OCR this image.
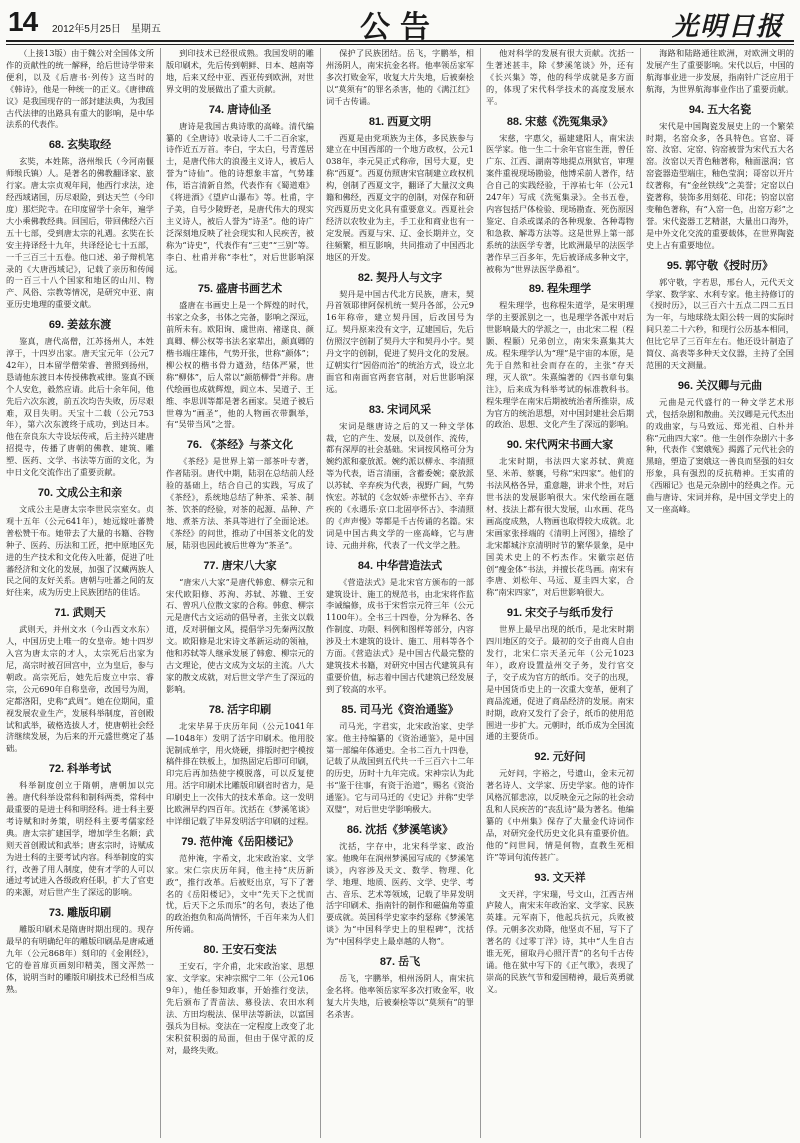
14 2012年5月25日　星期五	公告	光明日报

（上接13版）由于魏公对全国体文所作的贡献性的统一解释，给后世诗学带来便利，以及《后唐书·列传》这当时的《韩诗》，他是一种统一的正义。《唐律疏议》是我国现存的一部封建法典，为我国古代法律的出路具有重大的影响，是中华法系的代表作。

68. 玄奘取经

玄奘，本姓陈，洛州缑氏（今河南偃师缑氏镇）人。是著名的佛教翻译家、旅行家。唐太宗贞观年间，他西行求法，途经西域诸国，历尽艰险，到达天竺（今印度）那烂陀寺。在印度留学十余年，遍学大小乘佛教经典。回国后，带回佛经六百五十七部，受到唐太宗的礼遇。玄奘在长安主持译经十九年，共译经论七十五部，一千三百三十五卷。他口述、弟子辩机笔录的《大唐西域记》，记载了亲历和传闻的一百三十八个国家和地区的山川、物产、风俗、宗教等情况，是研究中亚、南亚历史地理的重要文献。

69. 姜兹东渡

鉴真，唐代高僧，江苏扬州人，本姓淳于，十四岁出家。唐天宝元年（公元742年），日本留学僧荣睿、普照到扬州，恳请他东渡日本传授佛教戒律。鉴真不顾个人安危，毅然应请。此后十余年间，他先后六次东渡，前五次均告失败，历尽艰难，双目失明。天宝十二载（公元753年），第六次东渡终于成功，到达日本。他在奈良东大寺设坛传戒，后主持兴建唐招提寺，传播了唐朝的佛教、建筑、雕塑、医药、文学、书法等方面的文化，为中日文化交流作出了重要贡献。

70. 文成公主和亲

文成公主是唐太宗李世民宗室女。贞观十五年（公元641年），她远嫁吐蕃赞普松赞干布。她带去了大量的书籍、谷物种子、医药、历法和工匠，把中原地区先进的生产技术和文化传入吐蕃，促进了吐蕃经济和文化的发展，加强了汉藏两族人民之间的友好关系。唐朝与吐蕃之间的友好往来，成为历史上民族团结的佳话。

71. 武则天

武则天，并州文水（今山西文水东）人，中国历史上唯一的女皇帝。她十四岁入宫为唐太宗的才人，太宗死后出家为尼，高宗时被召回宫中，立为皇后，参与朝政。高宗死后，她先后废立中宗、睿宗，公元690年自称皇帝，改国号为周，定都洛阳，史称“武周”。她在位期间，重视发展农业生产，发展科举制度，首创殿试和武举，破格选拔人才，使唐朝社会经济继续发展，为后来的开元盛世奠定了基础。

72. 科举考试

科举制度创立于隋朝，唐朝加以完善。唐代科举设常科和制科两类，常科中最重要的是进士科和明经科。进士科主要考诗赋和时务策，明经科主要考儒家经典。唐太宗扩建国学，增加学生名额；武则天首创殿试和武举；唐玄宗时，诗赋成为进士科的主要考试内容。科举制度的实行，改善了用人制度，使有才学的人可以通过考试进入各级政府任职，扩大了官吏的来源，对后世产生了深远的影响。

73. 雕版印刷

雕版印刷术是隋唐时期出现的。现存最早的有明确纪年的雕版印刷品是唐咸通九年（公元868年）刻印的《金刚经》，它的卷首扉页画刻印精美，图文浑然一体，说明当时的雕版印刷技术已经相当成熟。

到印技术已经很成熟。我国发明的雕版印刷术，先后传到朝鲜、日本、越南等地，后来又经中亚、西亚传到欧洲，对世界文明的发展做出了重大贡献。

74. 唐诗仙圣

唐诗是我国古典诗歌的高峰。清代编纂的《全唐诗》收录诗人二千二百余家，诗作近五万首。李白，字太白，号青莲居士，是唐代伟大的浪漫主义诗人，被后人誉为“诗仙”。他的诗想象丰富，气势雄伟，语言清新自然，代表作有《蜀道难》《将进酒》《望庐山瀑布》等。杜甫，字子美，自号少陵野老，是唐代伟大的现实主义诗人，被后人誉为“诗圣”。他的诗广泛深刻地反映了社会现实和人民疾苦，被称为“诗史”，代表作有“三吏”“三别”等。李白、杜甫并称“李杜”，对后世影响深远。

75. 盛唐书画艺术

盛唐在书画史上是一个辉煌的时代，书家之众多，书体之完备，影响之深远，前所未有。欧阳询、虞世南、褚遂良、颜真卿、柳公权等书法名家辈出，颜真卿的楷书端庄雄伟，气势开张，世称“颜体”；柳公权的楷书骨力遒劲，结体严紧，世称“柳体”，后人常以“颜筋柳骨”并称。唐代绘画也成就辉煌，阎立本、吴道子、王维、李思训等都是著名画家。吴道子被后世尊为“画圣”，他的人物画衣带飘举，有“吴带当风”之誉。

76. 《茶经》与茶文化

《茶经》是世界上第一部茶叶专著，作者陆羽。唐代中期，陆羽在总结前人经验的基础上，结合自己的实践，写成了《茶经》，系统地总结了种茶、采茶、制茶、饮茶的经验，对茶的起源、品种、产地、煮茶方法、茶具等进行了全面论述。《茶经》的问世，推动了中国茶文化的发展，陆羽也因此被后世尊为“茶圣”。

77. 唐宋八大家

“唐宋八大家”是唐代韩愈、柳宗元和宋代欧阳修、苏洵、苏轼、苏辙、王安石、曾巩八位散文家的合称。韩愈、柳宗元是唐代古文运动的倡导者，主张文以载道，反对骈俪文风，提倡学习先秦两汉散文。欧阳修是北宋诗文革新运动的领袖，他和苏轼等人继承发展了韩愈、柳宗元的古文理论，使古文成为文坛的主流。八大家的散文成就，对后世文学产生了深远的影响。

78. 活字印刷

北宋毕昇于庆历年间（公元1041年—1048年）发明了活字印刷术。他用胶泥制成单字，用火烧硬，排版时把字模按稿件排在铁板上，加热固定后即可印刷，印完后再加热使字模脱落，可以反复使用。活字印刷术比雕版印刷省时省力，是印刷史上一次伟大的技术革命。这一发明比欧洲早约四百年。沈括在《梦溪笔谈》中详细记载了毕昇发明活字印刷的过程。

79. 范仲淹《岳阳楼记》

范仲淹，字希文，北宋政治家、文学家。宋仁宗庆历年间，他主持“庆历新政”，推行改革。后被贬出京，写下了著名的《岳阳楼记》，文中“先天下之忧而忧，后天下之乐而乐”的名句，表达了他的政治抱负和高尚情怀，千百年来为人们所传诵。

80. 王安石变法

王安石，字介甫，北宋政治家、思想家、文学家。宋神宗熙宁二年（公元1069年），他任参知政事，开始推行变法，先后颁布了青苗法、募役法、农田水利法、方田均税法、保甲法等新法，以富国强兵为目标。变法在一定程度上改变了北宋积贫积弱的局面，但由于保守派的反对，最终失败。

保护了民族团结。岳飞，字鹏举，相州汤阴人，南宋抗金名将。他率领岳家军多次打败金军，收复大片失地，后被秦桧以“莫须有”的罪名杀害，他的《满江红》词千古传诵。

81. 西夏文明

西夏是由党项族为主体，多民族参与建立在中国西部的一个地方政权，公元1038年，李元昊正式称帝，国号大夏，史称“西夏”。西夏仿照唐宋官制建立政权机构，创制了西夏文字，翻译了大量汉文典籍和佛经，西夏文字的创制，对保存和研究西夏历史文化具有重要意义。西夏社会经济以农牧业为主，手工业和商业也有一定发展。西夏与宋、辽、金长期并立，交往频繁，相互影响，共同推动了中国西北地区的开发。

82. 契丹人与文字

契丹是中国古代北方民族，唐末，契丹首领耶律阿保机统一契丹各部，公元916年称帝，建立契丹国，后改国号为辽。契丹原来没有文字，辽建国后，先后仿照汉字创制了契丹大字和契丹小字。契丹文字的创制，促进了契丹文化的发展。辽朝实行“因俗而治”的统治方式，设立北面官和南面官两套官制，对后世影响深远。

83. 宋词风采

宋词是继唐诗之后的又一种文学体裁，它的产生、发展，以及创作、流传，都有深厚的社会基础。宋词按风格可分为婉约派和豪放派。婉约派以柳永、李清照等为代表，语言清丽，含蓄委婉；豪放派以苏轼、辛弃疾为代表，视野广阔，气势恢宏。苏轼的《念奴娇·赤壁怀古》、辛弃疾的《永遇乐·京口北固亭怀古》、李清照的《声声慢》等都是千古传诵的名篇。宋词是中国古典文学的一座高峰，它与唐诗、元曲并称，代表了一代文学之胜。

84. 中华营造法式

《营造法式》是北宋官方颁布的一部建筑设计、施工的规范书，由北宋将作监李诫编修，成书于宋哲宗元符三年（公元1100年）。全书三十四卷，分为释名、各作制度、功限、料例和图样等部分，内容涉及土木建筑的设计、施工、用料等各个方面。《营造法式》是中国古代最完整的建筑技术书籍，对研究中国古代建筑具有重要价值，标志着中国古代建筑已经发展到了较高的水平。

85. 司马光《资治通鉴》

司马光，字君实，北宋政治家、史学家。他主持编纂的《资治通鉴》，是中国第一部编年体通史。全书二百九十四卷，记载了从战国到五代共一千三百六十二年的历史，历时十九年完成。宋神宗认为此书“鉴于往事，有资于治道”，赐名《资治通鉴》。它与司马迁的《史记》并称“史学双璧”，对后世史学影响极大。

86. 沈括《梦溪笔谈》

沈括，字存中，北宋科学家、政治家。他晚年在润州梦溪园写成的《梦溪笔谈》，内容涉及天文、数学、物理、化学、地理、地质、医药、文学、史学、考古、音乐、艺术等领域，记载了毕昇发明活字印刷术、指南针的制作和磁偏角等重要成就。英国科学史家李约瑟称《梦溪笔谈》为“中国科学史上的里程碑”，沈括为“中国科学史上最卓越的人物”。

87. 岳飞

岳飞，字鹏举，相州汤阴人，南宋抗金名将。他率领岳家军多次打败金军，收复大片失地，后被秦桧等以“莫须有”的罪名杀害。

他对科学的发展有很大贡献。沈括一生著述甚丰，除《梦溪笔谈》外，还有《长兴集》等，他的科学成就是多方面的，体现了宋代科学技术的高度发展水平。

88. 宋慈《洗冤集录》

宋慈，字惠父，福建建阳人，南宋法医学家。他一生二十余年官宦生涯，曾任广东、江西、湖南等地提点刑狱官，审理案件重视现场勘验，他博采前人著作，结合自己的实践经验，于淳祐七年（公元1247年）写成《洗冤集录》。全书五卷，内容包括尸体检验、现场勘查、死伤原因鉴定、自杀或谋杀的各种现象、各种毒物和急救、解毒方法等。这是世界上第一部系统的法医学专著，比欧洲最早的法医学著作早三百多年，先后被译成多种文字，被称为“世界法医学鼻祖”。

89. 程朱理学

程朱理学，也称程朱道学，是宋明理学的主要派别之一，也是理学各派中对后世影响最大的学派之一，由北宋二程（程颢、程颐）兄弟创立，南宋朱熹集其大成。程朱理学认为“理”是宇宙的本原，是先于自然和社会而存在的，主张“存天理，灭人欲”。朱熹编著的《四书章句集注》，后来成为科举考试的标准教科书。程朱理学在南宋后期被统治者所推崇，成为官方的统治思想，对中国封建社会后期的政治、思想、文化产生了深远的影响。

90. 宋代两宋书画大家

北宋时期，书法四大家苏轼、黄庭坚、米芾、蔡襄，号称“宋四家”。他们的书法风格各异，重意趣，讲求个性，对后世书法的发展影响很大。宋代绘画在题材、技法上都有很大发展，山水画、花鸟画高度成熟，人物画也取得较大成就。北宋画家张择端的《清明上河图》，描绘了北宋都城汴京清明时节的繁华景象，是中国美术史上的不朽杰作。宋徽宗赵佶创“瘦金体”书法，并擅长花鸟画。南宋有李唐、刘松年、马远、夏圭四大家，合称“南宋四家”，对后世影响很大。

91. 宋交子与纸币发行

世界上最早出现的纸币，是北宋时期四川地区的交子。最初的交子由商人自由发行，北宋仁宗天圣元年（公元1023年），政府设置益州交子务，发行官交子，交子成为官方的纸币。交子的出现，是中国货币史上的一次重大变革，便利了商品流通，促进了商品经济的发展。南宋时期，政府又发行了会子，纸币的使用范围进一步扩大。元朝时，纸币成为全国流通的主要货币。

92. 元好问

元好问，字裕之，号遗山，金末元初著名诗人、文学家、历史学家。他的诗作风格沉郁悲凉，以反映金元之际的社会动乱和人民疾苦的“丧乱诗”最为著名。他编纂的《中州集》保存了大量金代诗词作品，对研究金代历史文化具有重要价值。他的“问世间，情是何物，直教生死相许”等词句流传甚广。

93. 文天祥

文天祥，字宋瑞，号文山，江西吉州庐陵人，南宋末年政治家、文学家、民族英雄。元军南下，他起兵抗元，兵败被俘。元朝多次劝降，他坚贞不屈，写下了著名的《过零丁洋》诗，其中“人生自古谁无死，留取丹心照汗青”的名句千古传诵。他在狱中写下的《正气歌》，表现了崇高的民族气节和爱国精神，最后英勇就义。

海路和陆路通往欧洲，对欧洲文明的发展产生了重要影响。宋代以后，中国的航海事业进一步发展，指南针广泛应用于航海，为世界航海事业作出了重要贡献。

94. 五大名瓷

宋代是中国陶瓷发展史上的一个繁荣时期，名窑众多，各具特色。官窑、哥窑、汝窑、定窑、钧窑被誉为宋代五大名窑。汝窑以天青色釉著称，釉面滋润；官窑瓷器造型端庄，釉色莹润；哥窑以开片纹著称，有“金丝铁线”之美誉；定窑以白瓷著称，装饰多用刻花、印花；钧窑以窑变釉色著称，有“入窑一色，出窑万彩”之誉。宋代瓷器工艺精湛，大量出口海外，是中外文化交流的重要载体，在世界陶瓷史上占有重要地位。

95. 郭守敬《授时历》

郭守敬，字若思，邢台人，元代天文学家、数学家、水利专家。他主持修订的《授时历》，以三百六十五点二四二五日为一年，与地球绕太阳公转一周的实际时间只差二十六秒，和现行公历基本相同，但比它早了三百年左右。他还设计制造了简仪、高表等多种天文仪器，主持了全国范围的天文测量。

96. 关汉卿与元曲

元曲是元代盛行的一种文学艺术形式，包括杂剧和散曲。关汉卿是元代杰出的戏曲家，与马致远、郑光祖、白朴并称“元曲四大家”。他一生创作杂剧六十多种，代表作《窦娥冤》揭露了元代社会的黑暗，塑造了窦娥这一善良而坚强的妇女形象，具有强烈的反抗精神。王实甫的《西厢记》也是元杂剧中的经典之作。元曲与唐诗、宋词并称，是中国文学史上的又一座高峰。
